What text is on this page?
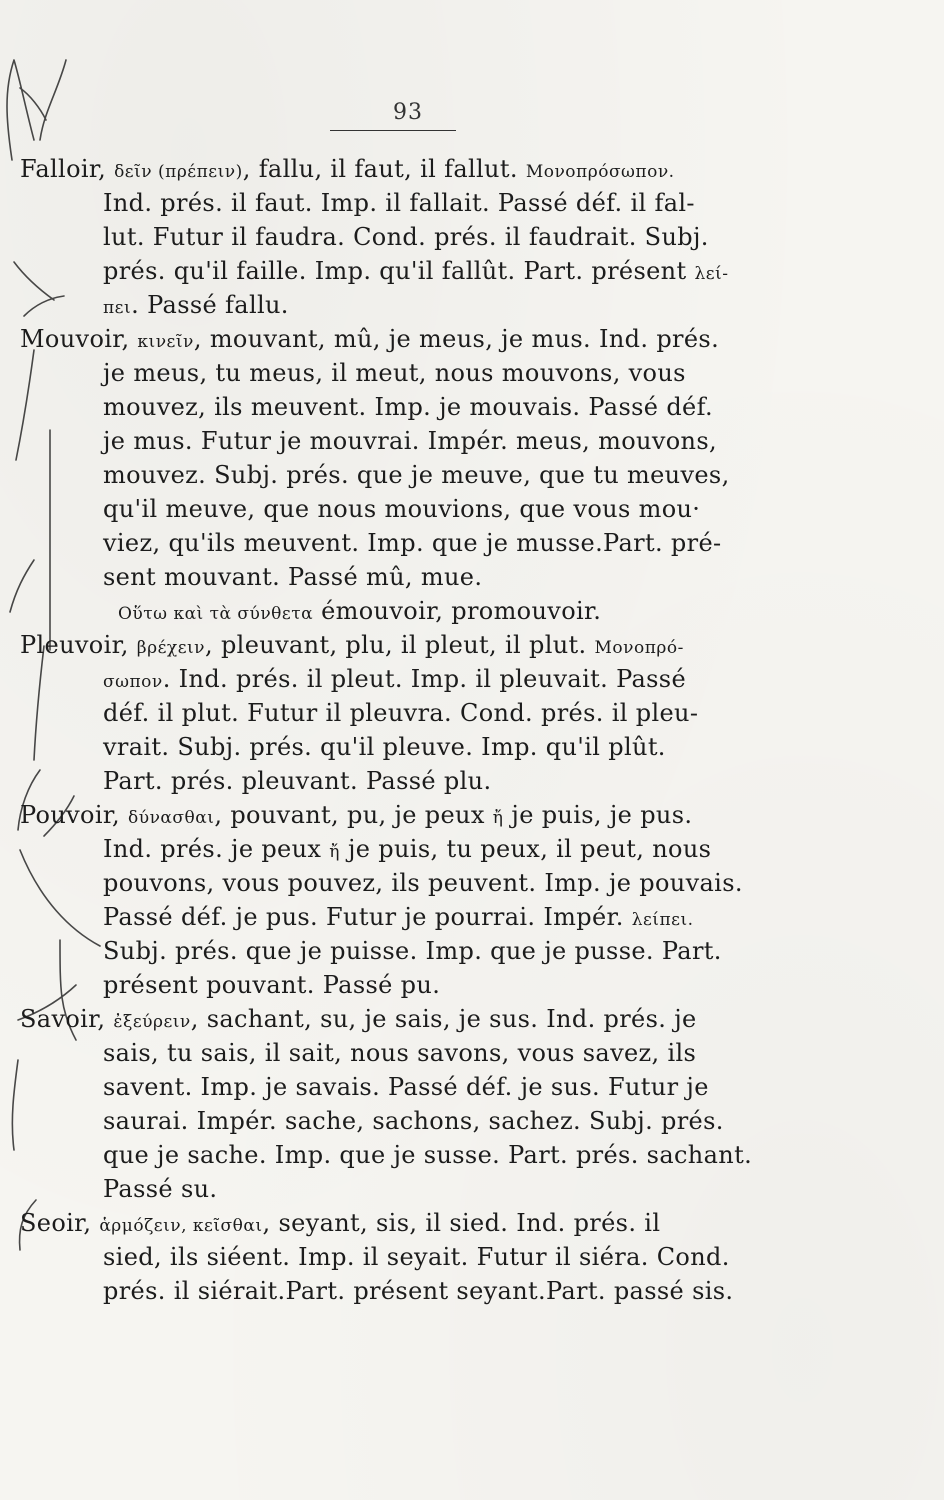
93
Falloir, δεῖν (πρέπειν), fallu, il faut, il fallut. Μονοπρόσωπον.
Ind. prés. il faut. Imp. il fallait. Passé déf. il fal-
lut. Futur il faudra. Cond. prés. il faudrait. Subj.
prés. qu'il faille. Imp. qu'il fallût. Part. présent λεί-
πει. Passé fallu.
Mouvoir, κινεῖν, mouvant, mû, je meus, je mus. Ind. prés.
je meus, tu meus, il meut, nous mouvons, vous
mouvez, ils meuvent. Imp. je mouvais. Passé déf.
je mus. Futur je mouvrai. Impér. meus, mouvons,
mouvez. Subj. prés. que je meuve, que tu meuves,
qu'il meuve, que nous mouvions, que vous mou·
viez, qu'ils meuvent. Imp. que je musse.Part. pré-
sent mouvant. Passé mû, mue.
Οὕτω καὶ τὰ σύνθετα émouvoir, promouvoir.
Pleuvoir, βρέχειν, pleuvant, plu, il pleut, il plut. Μονοπρό-
σωπον. Ind. prés. il pleut. Imp. il pleuvait. Passé
déf. il plut. Futur il pleuvra. Cond. prés. il pleu-
vrait. Subj. prés. qu'il pleuve. Imp. qu'il plût.
Part. prés. pleuvant. Passé plu.
Pouvoir, δύνασθαι, pouvant, pu, je peux ἤ je puis, je pus.
Ind. prés. je peux ἤ je puis, tu peux, il peut, nous
pouvons, vous pouvez, ils peuvent. Imp. je pouvais.
Passé déf. je pus. Futur je pourrai. Impér. λείπει.
Subj. prés. que je puisse. Imp. que je pusse. Part.
présent pouvant. Passé pu.
Savoir, ἐξεύρειν, sachant, su, je sais, je sus. Ind. prés. je
sais, tu sais, il sait, nous savons, vous savez, ils
savent. Imp. je savais. Passé déf. je sus. Futur je
saurai. Impér. sache, sachons, sachez. Subj. prés.
que je sache. Imp. que je susse. Part. prés. sachant.
Passé su.
Seoir, ἁρμόζειν, κεῖσθαι, seyant, sis, il sied. Ind. prés. il
sied, ils siéent. Imp. il seyait. Futur il siéra. Cond.
prés. il siérait.Part. présent seyant.Part. passé sis.
